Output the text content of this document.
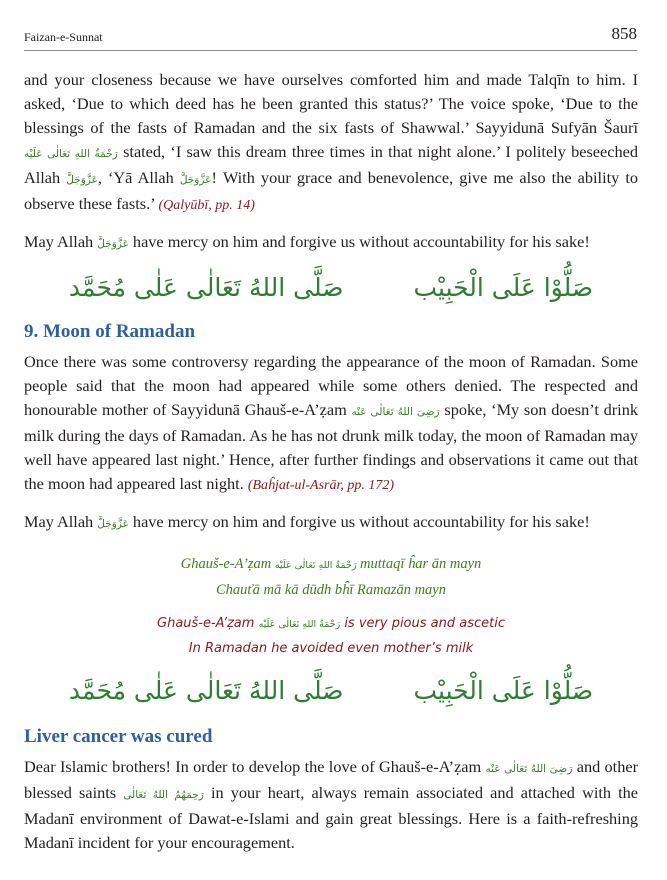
Faizan-e-Sunnat	858

and your closeness because we have ourselves comforted him and made Talqīn to him. I asked, ‘Due to which deed has he been granted this status?’ The voice spoke, ‘Due to the blessings of the fasts of Ramadan and the six fasts of Shawwal.’ Sayyidunā Sufyān Šaurī رَحْمَةُ اللهِ تَعَالٰى عَلَيْه stated, ‘I saw this dream three times in that night alone.’ I politely beseeched Allah عَزَّوَجَلَّ, ‘Yā Allah عَزَّوَجَلَّ! With your grace and benevolence, give me also the ability to observe these fasts.’ (Qalyūbī, pp. 14)

May Allah عَزَّوَجَلَّ have mercy on him and forgive us without accountability for his sake!

صَلُّوْا عَلَى الْحَبِيْب
صَلَّى اللهُ تَعَالٰى عَلٰى مُحَمَّد
9. Moon of Ramadan

Once there was some controversy regarding the appearance of the moon of Ramadan. Some people said that the moon had appeared while some others denied. The respected and honourable mother of Sayyidunā Ghauš-e-A’ẓam رَضِیَ اللهُ تَعَالٰی عَنْه spoke, ‘My son doesn’t drink milk during the days of Ramadan. As he has not drunk milk today, the moon of Ramadan may well have appeared last night.’ Hence, after further findings and observations it came out that the moon had appeared last night. (Baĥjat-ul-Asrār, pp. 172)

May Allah عَزَّوَجَلَّ have mercy on him and forgive us without accountability for his sake!

Ghauš-e-A’ẓam رَحْمَةُ اللهِ تَعَالٰى عَلَيْه muttaqī ĥar ān mayn
Chauťā mā kā dūdh bĥī Ramazān mayn
Ghauš-e-A’ẓam رَحْمَةُ اللهِ تَعَالٰى عَلَيْه is very pious and ascetic
In Ramadan he avoided even mother’s milk
صَلُّوْا عَلَى الْحَبِيْب
صَلَّى اللهُ تَعَالٰى عَلٰى مُحَمَّد
Liver cancer was cured

Dear Islamic brothers! In order to develop the love of Ghauš-e-A’ẓam رَضِیَ اللهُ تَعَالٰی عَنْه and other blessed saints رَحِمَهُمُ اللهُ تَعَالٰی in your heart, always remain associated and attached with the Madanī environment of Dawat-e-Islami and gain great blessings. Here is a faith-refreshing Madanī incident for your encouragement.
